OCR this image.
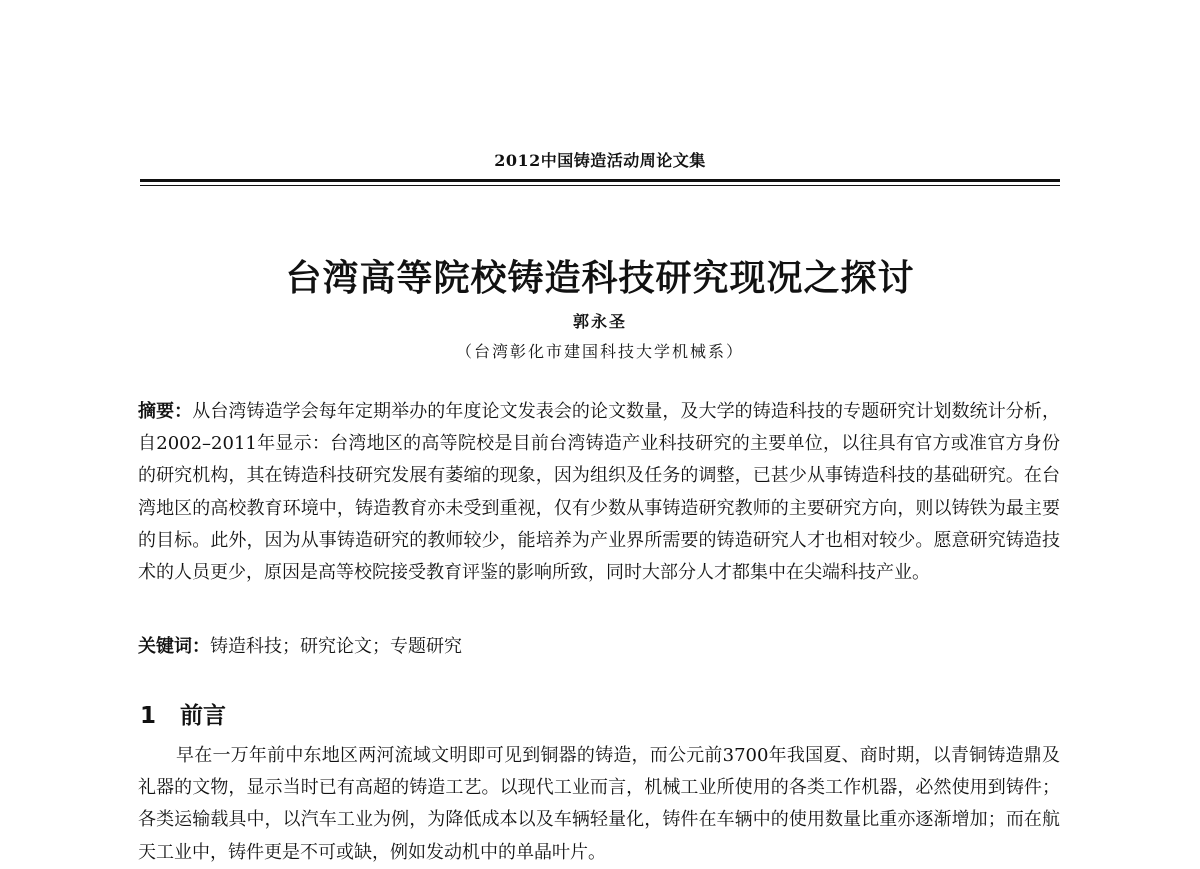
2012中国铸造活动周论文集
台湾高等院校铸造科技研究现况之探讨
郭永圣
（台湾彰化市建国科技大学机械系）
摘要：从台湾铸造学会每年定期举办的年度论文发表会的论文数量，及大学的铸造科技的专题研究计划数统计分析，自2002–2011年显示：台湾地区的高等院校是目前台湾铸造产业科技研究的主要单位，以往具有官方或准官方身份的研究机构，其在铸造科技研究发展有萎缩的现象，因为组织及任务的调整，已甚少从事铸造科技的基础研究。在台湾地区的高校教育环境中，铸造教育亦未受到重视，仅有少数从事铸造研究教师的主要研究方向，则以铸铁为最主要的目标。此外，因为从事铸造研究的教师较少，能培养为产业界所需要的铸造研究人才也相对较少。愿意研究铸造技术的人员更少，原因是高等校院接受教育评鉴的影响所致，同时大部分人才都集中在尖端科技产业。
关键词：铸造科技；研究论文；专题研究
1 前言
早在一万年前中东地区两河流域文明即可见到铜器的铸造，而公元前3700年我国夏、商时期，以青铜铸造鼎及礼器的文物，显示当时已有高超的铸造工艺。以现代工业而言，机械工业所使用的各类工作机器，必然使用到铸件；各类运输载具中，以汽车工业为例，为降低成本以及车辆轻量化，铸件在车辆中的使用数量比重亦逐渐增加；而在航天工业中，铸件更是不可或缺，例如发动机中的单晶叶片。
